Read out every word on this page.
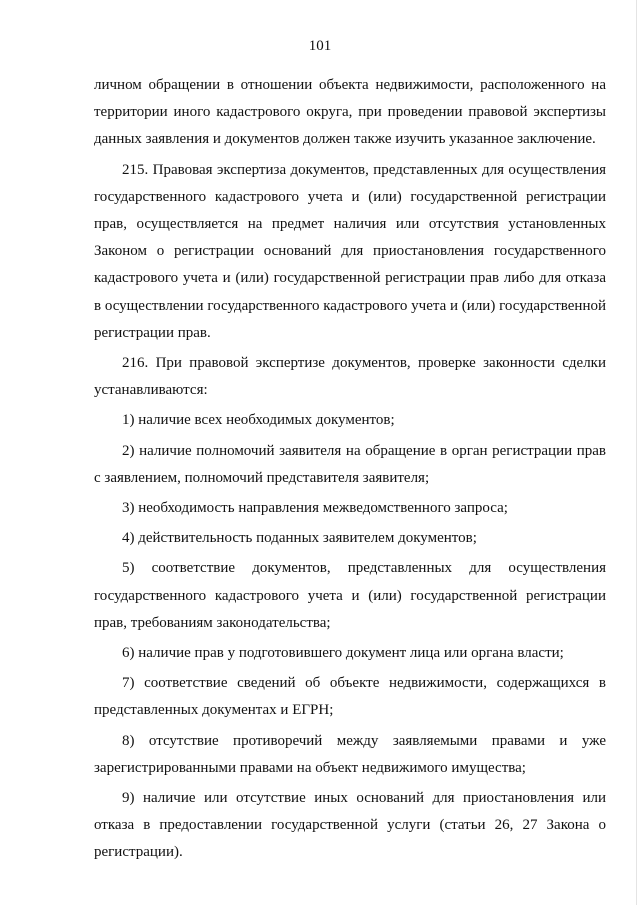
101

личном обращении в отношении объекта недвижимости, расположенного на территории иного кадастрового округа, при проведении правовой экспертизы данных заявления и документов должен также изучить указанное заключение.

215. Правовая экспертиза документов, представленных для осуществления государственного кадастрового учета и (или) государственной регистрации прав, осуществляется на предмет наличия или отсутствия установленных Законом о регистрации оснований для приостановления государственного кадастрового учета и (или) государственной регистрации прав либо для отказа в осуществлении государственного кадастрового учета и (или) государственной регистрации прав.

216. При правовой экспертизе документов, проверке законности сделки устанавливаются:

1) наличие всех необходимых документов;

2) наличие полномочий заявителя на обращение в орган регистрации прав с заявлением, полномочий представителя заявителя;

3) необходимость направления межведомственного запроса;

4) действительность поданных заявителем документов;

5) соответствие документов, представленных для осуществления государственного кадастрового учета и (или) государственной регистрации прав, требованиям законодательства;

6) наличие прав у подготовившего документ лица или органа власти;

7) соответствие сведений об объекте недвижимости, содержащихся в представленных документах и ЕГРН;

8) отсутствие противоречий между заявляемыми правами и уже зарегистрированными правами на объект недвижимого имущества;

9) наличие или отсутствие иных оснований для приостановления или отказа в предоставлении государственной услуги (статьи 26, 27 Закона о регистрации).
